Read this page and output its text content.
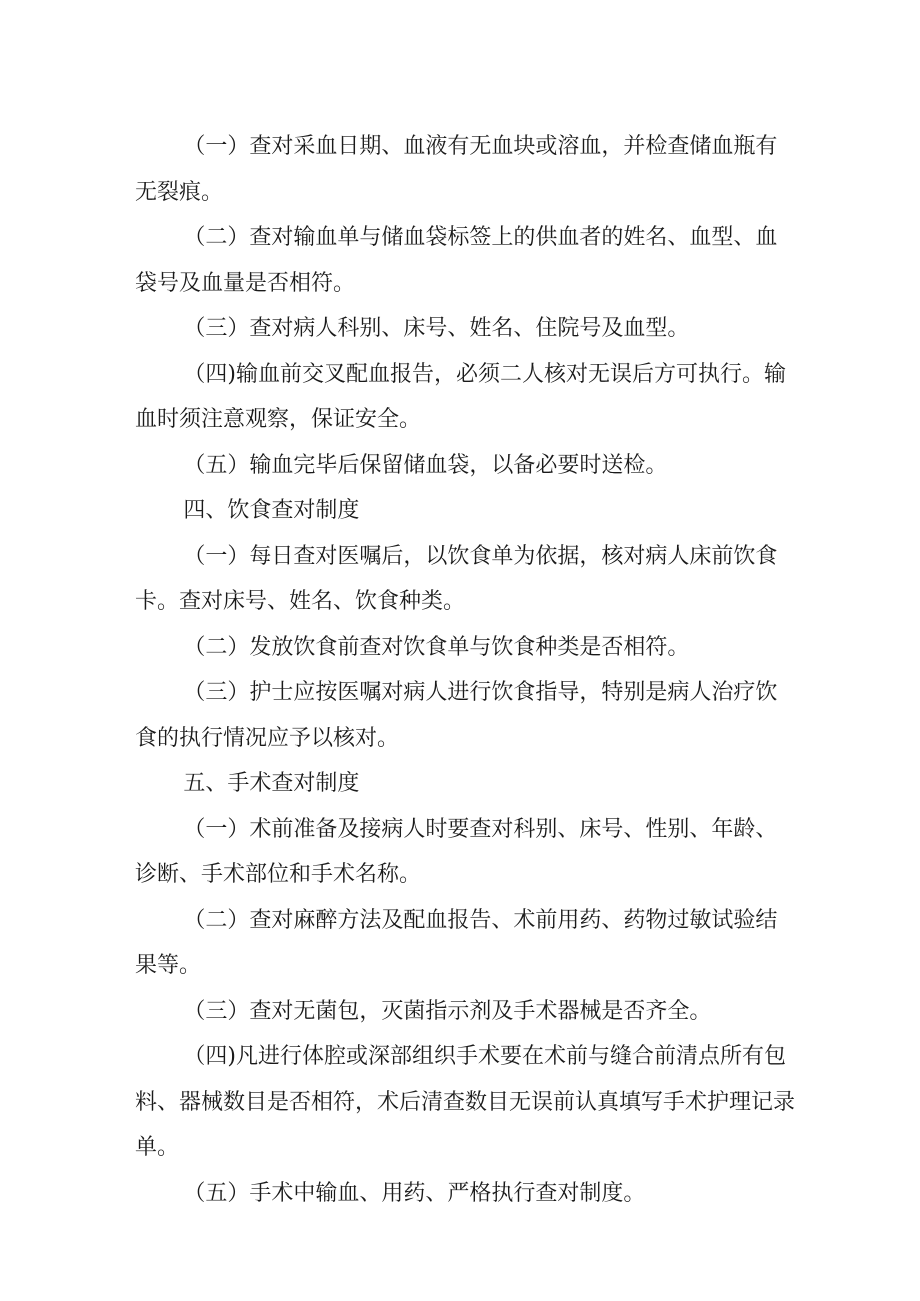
（一）查对采血日期、血液有无血块或溶血，并检查储血瓶有无裂痕。

（二）查对输血单与储血袋标签上的供血者的姓名、血型、血袋号及血量是否相符。

（三）查对病人科别、床号、姓名、住院号及血型。

（四)输血前交叉配血报告，必须二人核对无误后方可执行。输血时须注意观察，保证安全。

（五）输血完毕后保留储血袋，以备必要时送检。

四、饮食查对制度

（一）每日查对医嘱后，以饮食单为依据，核对病人床前饮食卡。查对床号、姓名、饮食种类。

（二）发放饮食前查对饮食单与饮食种类是否相符。

（三）护士应按医嘱对病人进行饮食指导，特别是病人治疗饮食的执行情况应予以核对。

五、手术查对制度

（一）术前准备及接病人时要查对科别、床号、性别、年龄、诊断、手术部位和手术名称。

（二）查对麻醉方法及配血报告、术前用药、药物过敏试验结果等。

（三）查对无菌包，灭菌指示剂及手术器械是否齐全。

（四)凡进行体腔或深部组织手术要在术前与缝合前清点所有包料、器械数目是否相符，术后清查数目无误前认真填写手术护理记录单。

（五）手术中输血、用药、严格执行查对制度。
